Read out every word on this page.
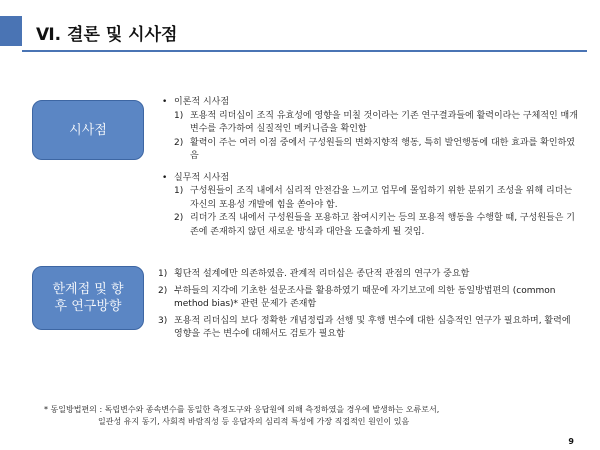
Ⅵ. 결론 및 시사점
시사점
• 이론적 시사점
1) 포용적 리더십이 조직 유효성에 영향을 미칠 것이라는 기존 연구결과들에 활력이라는 구체적인 매개변수를 추가하여 실질적인 메커니즘을 확인함
2) 활력이 주는 여러 이점 중에서 구성원들의 변화지향적 행동, 특히 발언행동에 대한 효과를 확인하였음
• 실무적 시사점
1) 구성원들이 조직 내에서 심리적 안전감을 느끼고 업무에 몰입하기 위한 분위기 조성을 위해 리더는 자신의 포용성 개발에 힘을 쏟아야 함.
2) 리더가 조직 내에서 구성원들을 포용하고 참여시키는 등의 포용적 행동을 수행할 때, 구성원들은 기존에 존재하지 않던 새로운 방식과 대안을 도출하게 될 것임.
한계점 및 향후 연구방향
1) 횡단적 설계에만 의존하였음. 관계적 리더십은 종단적 관점의 연구가 중요함
2) 부하들의 지각에 기초한 설문조사를 활용하였기 때문에 자기보고에 의한 동일방법편의 (common method bias)* 관련 문제가 존재함
3) 포용적 리더십의 보다 정확한 개념정립과 선행 및 후행 변수에 대한 심층적인 연구가 필요하며, 활력에 영향을 주는 변수에 대해서도 검토가 필요함
* 동일방법편의 : 독립변수와 종속변수를 동일한 측정도구와 응답원에 의해 측정하였을 경우에 발생하는 오류로서,
일관성 유지 동기, 사회적 바람직성 등 응답자의 심리적 특성에 가장 직접적인 원인이 있음
9
